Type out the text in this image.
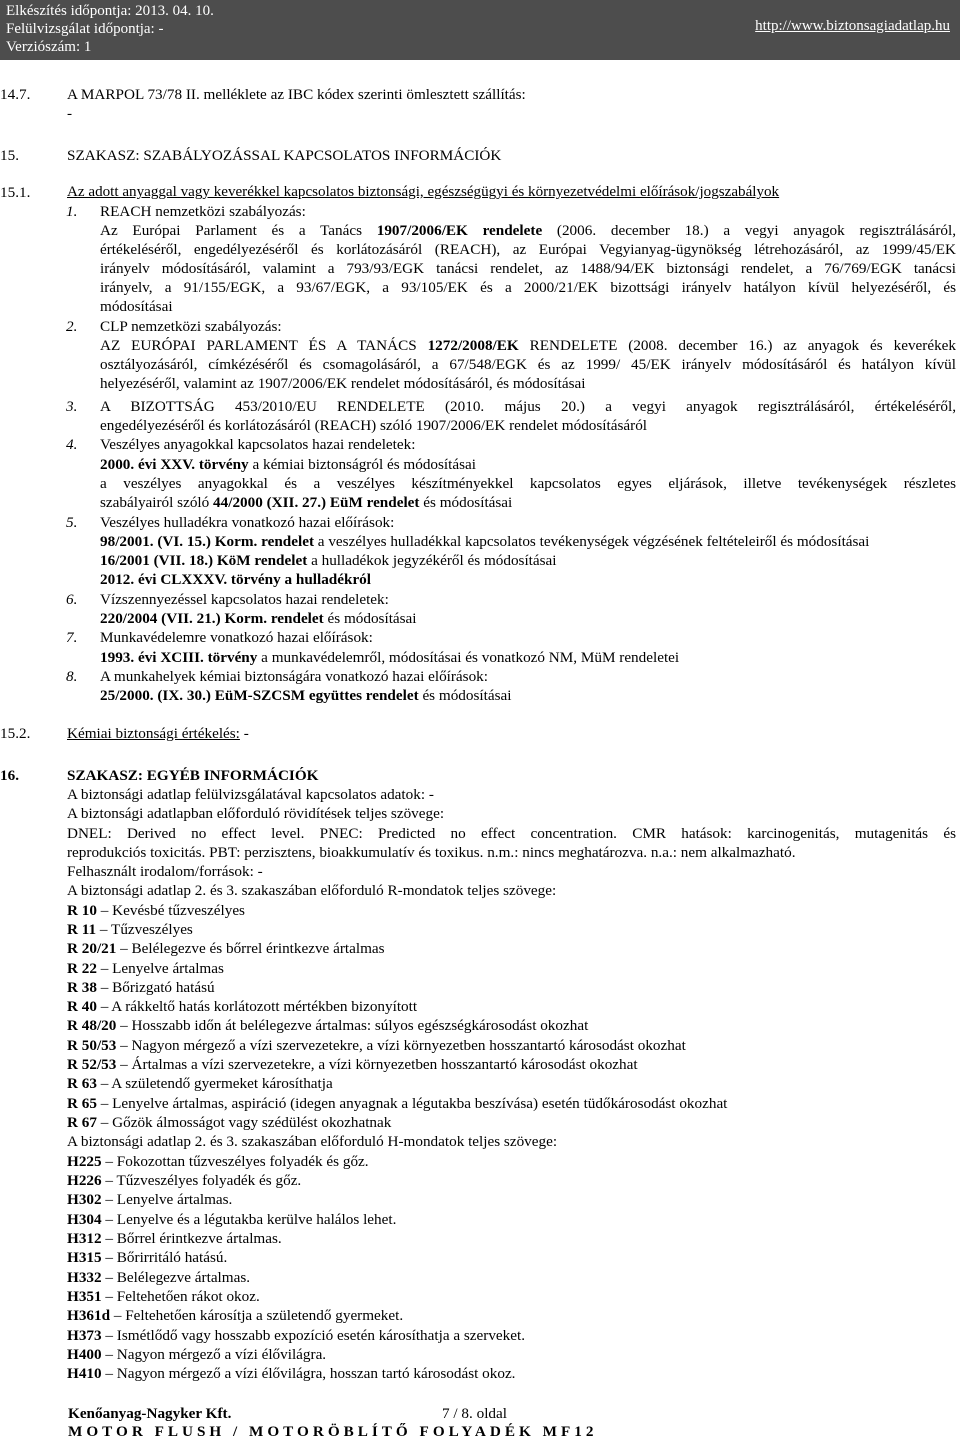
Elkészítés időpontja: 2013. 04. 10.
Felülvizsgálat időpontja: -
Verziószám: 1
http://www.biztonsagiadatlap.hu
14.7. A MARPOL 73/78 II. melléklete az IBC kódex szerinti ömlesztett szállítás:
-
15.	SZAKASZ: SZABÁLYOZÁSSAL KAPCSOLATOS INFORMÁCIÓK
15.1. Az adott anyaggal vagy keverékkel kapcsolatos biztonsági, egészségügyi és környezetvédelmi előírások/jogszabályok
1. REACH nemzetközi szabályozás:
Az Európai Parlament és a Tanács 1907/2006/EK rendelete (2006. december 18.) a vegyi anyagok regisztrálásáról,
értékeléséről, engedélyezéséről és korlátozásáról (REACH), az Európai Vegyianyag-ügynökség létrehozásáról, az 1999/45/EK
irányelv módosításáról, valamint a 793/93/EGK tanácsi rendelet, az 1488/94/EK biztonsági rendelet, a 76/769/EGK tanácsi
irányelv, a 91/155/EGK, a 93/67/EGK, a 93/105/EK és a 2000/21/EK bizottsági irányelv hatályon kívül helyezéséről, és
módosításai
2. CLP nemzetközi szabályozás:
AZ EURÓPAI PARLAMENT ÉS A TANÁCS 1272/2008/EK RENDELETE (2008. december 16.) az anyagok és keverékek
osztályozásáról, címkézéséről és csomagolásáról, a 67/548/EGK és az 1999/ 45/EK irányelv módosításáról és hatályon kívül
helyezéséről, valamint az 1907/2006/EK rendelet módosításáról, és módosításai
3. A BIZOTTSÁG 453/2010/EU RENDELETE (2010. május 20.) a vegyi anyagok regisztrálásáról, értékeléséről,
engedélyezéséről és korlátozásáról (REACH) szóló 1907/2006/EK rendelet módosításáról
4. Veszélyes anyagokkal kapcsolatos hazai rendeletek:
2000. évi XXV. törvény a kémiai biztonságról és módosításai
a veszélyes anyagokkal és a veszélyes készítményekkel kapcsolatos egyes eljárások, illetve tevékenységek részletes
szabályairól szóló 44/2000 (XII. 27.) EüM rendelet és módosításai
5. Veszélyes hulladékra vonatkozó hazai előírások:
98/2001. (VI. 15.) Korm. rendelet a veszélyes hulladékkal kapcsolatos tevékenységek végzésének feltételeiről és módosításai
16/2001 (VII. 18.) KöM rendelet a hulladékok jegyzékéről és módosításai
2012. évi CLXXXV. törvény a hulladékról
6. Vízszennyezéssel kapcsolatos hazai rendeletek:
220/2004 (VII. 21.) Korm. rendelet és módosításai
7. Munkavédelemre vonatkozó hazai előírások:
1993. évi XCIII. törvény a munkavédelemről, módosításai és vonatkozó NM, MüM rendeletei
8. A munkahelyek kémiai biztonságára vonatkozó hazai előírások:
25/2000. (IX. 30.) EüM-SZCSM együttes rendelet és módosításai
15.2. Kémiai biztonsági értékelés: -
16.	SZAKASZ: EGYÉB INFORMÁCIÓK
A biztonsági adatlap felülvizsgálatával kapcsolatos adatok: -
A biztonsági adatlapban előforduló rövidítések teljes szövege:
DNEL: Derived no effect level. PNEC: Predicted no effect concentration. CMR hatások: karcinogenitás, mutagenitás és
reprodukciós toxicitás. PBT: perzisztens, bioakkumulatív és toxikus. n.m.: nincs meghatározva. n.a.: nem alkalmazható.
Felhasznált irodalom/források: -
A biztonsági adatlap 2. és 3. szakaszában előforduló R-mondatok teljes szövege:
R 10 – Kevésbé tűzveszélyes
R 11 – Tűzveszélyes
R 20/21 – Belélegezve és bőrrel érintkezve ártalmas
R 22 – Lenyelve ártalmas
R 38 – Bőrizgató hatású
R 40 – A rákkeltő hatás korlátozott mértékben bizonyított
R 48/20 – Hosszabb időn át belélegezve ártalmas: súlyos egészségkárosodást okozhat
R 50/53 – Nagyon mérgező a vízi szervezetekre, a vízi környezetben hosszantartó károsodást okozhat
R 52/53 – Ártalmas a vízi szervezetekre, a vízi környezetben hosszantartó károsodást okozhat
R 63 – A születendő gyermeket károsíthatja
R 65 – Lenyelve ártalmas, aspiráció (idegen anyagnak a légutakba beszívása) esetén tüdőkárosodást okozhat
R 67 – Gőzök álmosságot vagy szédülést okozhatnak
A biztonsági adatlap 2. és 3. szakaszában előforduló H-mondatok teljes szövege:
H225 – Fokozottan tűzveszélyes folyadék és gőz.
H226 – Tűzveszélyes folyadék és gőz.
H302 – Lenyelve ártalmas.
H304 – Lenyelve és a légutakba kerülve halálos lehet.
H312 – Bőrrel érintkezve ártalmas.
H315 – Bőrirritáló hatású.
H332 – Belélegezve ártalmas.
H351 – Feltehetően rákot okoz.
H361d – Feltehetően károsítja a születendő gyermeket.
H373 – Ismétlődő vagy hosszabb expozíció esetén károsíthatja a szerveket.
H400 – Nagyon mérgező a vízi élővilágra.
H410 – Nagyon mérgező a vízi élővilágra, hosszan tartó károsodást okoz.
Kenőanyag-Nagyker Kft.	7 / 8. oldal
MOTOR FLUSH / MOTORÖBLÍTŐ FOLYADÉK MF12
